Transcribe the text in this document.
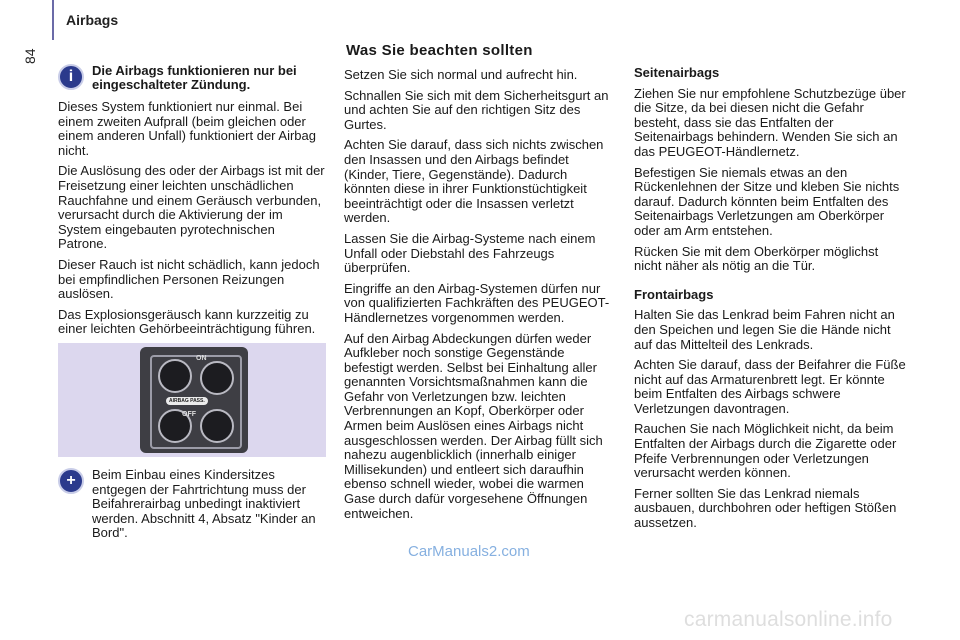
84
Airbags
Was Sie beachten sollten
i	Die Airbags funktionieren nur bei eingeschalteter Zündung.

Dieses System funktioniert nur einmal. Bei einem zweiten Aufprall (beim gleichen oder einem anderen Unfall) funktioniert der Airbag nicht.

Die Auslösung des oder der Airbags ist mit der Freisetzung einer leichten unschädlichen Rauchfahne und einem Geräusch verbunden, verursacht durch die Aktivierung der im System eingebauten pyrotechnischen Patrone.

Dieser Rauch ist nicht schädlich, kann jedoch bei empfindlichen Personen Reizungen auslösen.

Das Explosionsgeräusch kann kurzzeitig zu einer leichten Gehörbeeinträchtigung führen.

ON
AIRBAG PASS.
OFF
+	Beim Einbau eines Kindersitzes entgegen der Fahrtrichtung muss der Beifahrerairbag unbedingt inaktiviert werden. Abschnitt 4, Absatz "Kinder an Bord".

Setzen Sie sich normal und aufrecht hin.

Schnallen Sie sich mit dem Sicherheitsgurt an und achten Sie auf den richtigen Sitz des Gurtes.

Achten Sie darauf, dass sich nichts zwischen den Insassen und den Airbags befindet (Kinder, Tiere, Gegenstände). Dadurch könnten diese in ihrer Funktionstüchtigkeit beeinträchtigt oder die Insassen verletzt werden.

Lassen Sie die Airbag-Systeme nach einem Unfall oder Diebstahl des Fahrzeugs überprüfen.

Eingriffe an den Airbag-Systemen dürfen nur von qualifizierten Fachkräften des PEUGEOT-Händlernetzes vorgenommen werden.

Auf den Airbag Abdeckungen dürfen weder Aufkleber noch sonstige Gegenstände befestigt werden. Selbst bei Einhaltung aller genannten Vorsichtsmaßnahmen kann die Gefahr von Verletzungen bzw. leichten Verbrennungen an Kopf, Oberkörper oder Armen beim Auslösen eines Airbags nicht ausgeschlossen werden. Der Airbag füllt sich nahezu augenblicklich (innerhalb einiger Millisekunden) und entleert sich daraufhin ebenso schnell wieder, wobei die warmen Gase durch dafür vorgesehene Öffnungen entweichen.

Seitenairbags

Ziehen Sie nur empfohlene Schutzbezüge über die Sitze, da bei diesen nicht die Gefahr besteht, dass sie das Entfalten der Seitenairbags behindern. Wenden Sie sich an das PEUGEOT-Händlernetz.

Befestigen Sie niemals etwas an den Rückenlehnen der Sitze und kleben Sie nichts darauf. Dadurch könnten beim Entfalten des Seitenairbags Verletzungen am Oberkörper oder am Arm entstehen.

Rücken Sie mit dem Oberkörper möglichst nicht näher als nötig an die Tür.

Frontairbags

Halten Sie das Lenkrad beim Fahren nicht an den Speichen und legen Sie die Hände nicht auf das Mittelteil des Lenkrads.

Achten Sie darauf, dass der Beifahrer die Füße nicht auf das Armaturenbrett legt. Er könnte beim Entfalten des Airbags schwere Verletzungen davontragen.

Rauchen Sie nach Möglichkeit nicht, da beim Entfalten der Airbags durch die Zigarette oder Pfeife Verbrennungen oder Verletzungen verursacht werden können.

Ferner sollten Sie das Lenkrad niemals ausbauen, durchbohren oder heftigen Stößen aussetzen.

CarManuals2.com
carmanualsonline.info
